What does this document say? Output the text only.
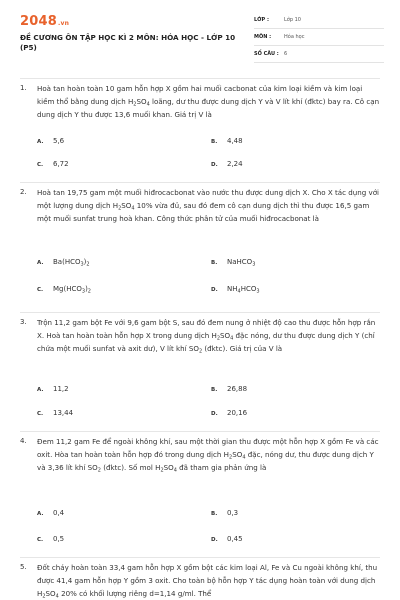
2048.vn
ĐỀ CƯƠNG ÔN TẬP HỌC KÌ 2 MÔN: HÓA HỌC - LỚP 10
(P5)
LỚP :	Lớp 10
MÔN :	Hóa học
SỐ CÂU : 6
1. Hoà tan hoàn toàn 10 gam hỗn hợp X gồm hai muối cacbonat của kim loại kiềm và kim loại kiềm thổ bằng dung dịch $H_2SO_4$ loãng, dư thu được dung dịch Y và V lít khí (đktc) bay ra. Cô cạn dung dịch Y thu được 13,6 muối khan. Giá trị V là
A. 5,6	B. 4,48
C. 6,72	D. 2,24
2. Hoà tan 19,75 gam một muối hiđrocacbonat vào nước thu được dung dịch X. Cho X tác dụng với một lượng dung dịch $H_2SO_4$ 10% vừa đủ, sau đó đem cô cạn dung dịch thì thu được 16,5 gam một muối sunfat trung hoà khan. Công thức phân tử của muối hiđrocacbonat là
A. $Ba(HCO_3)_2$	B. NaHCO$_3$
C. $Mg(HCO_3)_2$	D. $NH_4HCO_3$
3. Trộn 11,2 gam bột Fe với 9,6 gam bột S, sau đó đem nung ở nhiệt độ cao thu được hỗn hợp rắn X. Hoà tan hoàn toàn hỗn hợp X trong dung dịch $H_2SO_4$ đặc nóng, dư thu được dung dịch Y (chỉ chứa một muối sunfat và axit dư), V lít khí $SO_2$ (đktc). Giá trị của V là
A. 11,2	B. 26,88
C. 13,44	D. 20,16
4. Đem 11,2 gam Fe để ngoài không khí, sau một thời gian thu được một hỗn hợp X gồm Fe và các oxit. Hòa tan hoàn toàn hỗn hợp đó trong dung dịch $H_2SO_4$ đặc, nóng dư, thu được dung dịch Y và 3,36 lít khí $SO_2$ (đktc). Số mol $H_2SO_4$ đã tham gia phản ứng là
A. 0,4	B. 0,3
C. 0,5	D. 0,45
5. Đốt cháy hoàn toàn 33,4 gam hỗn hợp X gồm bột các kim loại Al, Fe và Cu ngoài không khí, thu được 41,4 gam hỗn hợp Y gồm 3 oxit. Cho toàn bộ hỗn hợp Y tác dụng hoàn toàn với dung dịch $H_2SO_4$ 20% có khối lượng riêng d=1,14 g/ml. Thể
